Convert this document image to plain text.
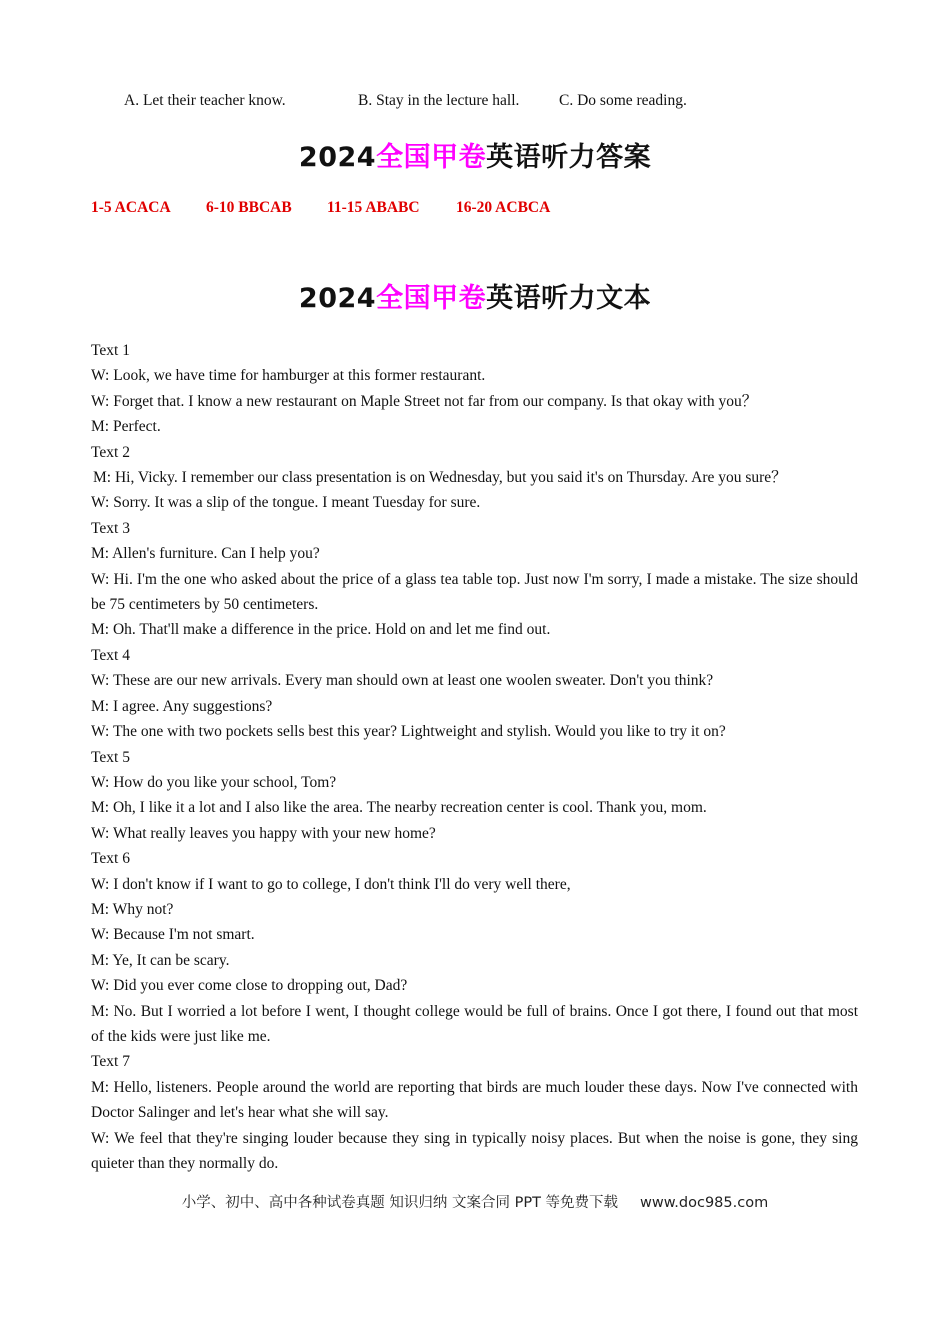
A. Let their teacher know.	B. Stay in the lecture hall.	C. Do some reading.
2024全国甲卷英语听力答案
1-5 ACACA 6-10 BBCAB 11-15 ABABC 16-20 ACBCA
2024全国甲卷英语听力文本
Text 1
W: Look, we have time for hamburger at this former restaurant.
W: Forget that. I know a new restaurant on Maple Street not far from our company. Is that okay with you？
M: Perfect.
Text 2
M: Hi, Vicky. I remember our class presentation is on Wednesday, but you said it's on Thursday. Are you sure？
W: Sorry. It was a slip of the tongue. I meant Tuesday for sure.
Text 3
M: Allen's furniture. Can I help you?
W: Hi. I'm the one who asked about the price of a glass tea table top. Just now I'm sorry, I made a mistake. The size should be 75 centimeters by 50 centimeters.
M: Oh. That'll make a difference in the price. Hold on and let me find out.
Text 4
W: These are our new arrivals. Every man should own at least one woolen sweater. Don't you think?
M: I agree. Any suggestions?
W: The one with two pockets sells best this year? Lightweight and stylish. Would you like to try it on?
Text 5
W: How do you like your school, Tom?
M: Oh, I like it a lot and I also like the area. The nearby recreation center is cool. Thank you, mom.
W: What really leaves you happy with your new home?
Text 6
W: I don't know if I want to go to college, I don't think I'll do very well there,
M: Why not?
W: Because I'm not smart.
M: Ye, It can be scary.
W: Did you ever come close to dropping out, Dad?
M: No. But I worried a lot before I went, I thought college would be full of brains. Once I got there, I found out that most of the kids were just like me.
Text 7
M: Hello, listeners. People around the world are reporting that birds are much louder these days. Now I've connected with Doctor Salinger and let's hear what she will say.
W: We feel that they're singing louder because they sing in typically noisy places. But when the noise is gone, they sing quieter than they normally do.
小学、初中、高中各种试卷真题 知识归纳 文案合同 PPT 等免费下载 www.doc985.com
